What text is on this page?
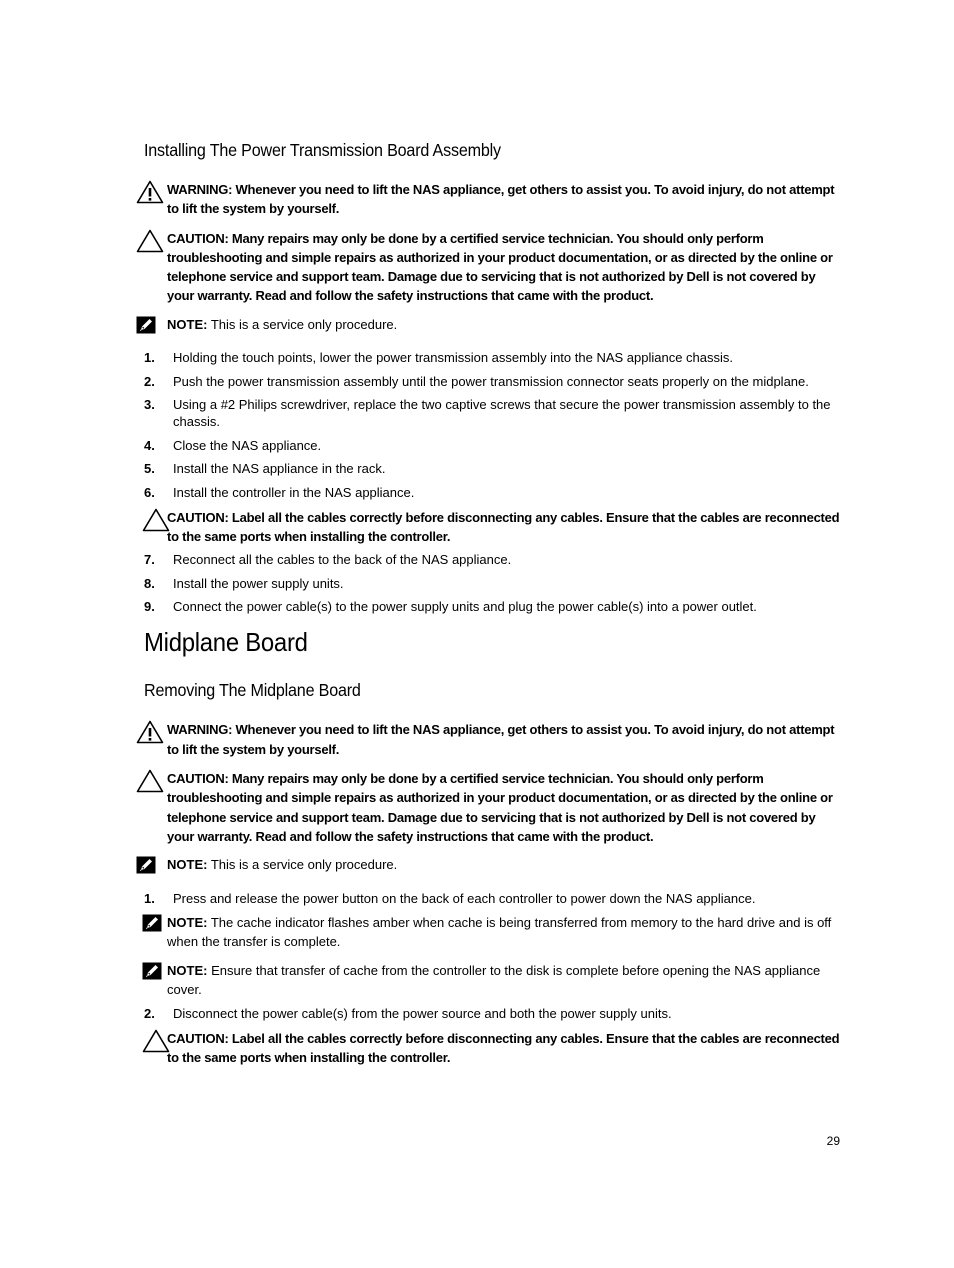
Installing The Power Transmission Board Assembly
WARNING: Whenever you need to lift the NAS appliance, get others to assist you. To avoid injury, do not attempt to lift the system by yourself.
CAUTION: Many repairs may only be done by a certified service technician. You should only perform troubleshooting and simple repairs as authorized in your product documentation, or as directed by the online or telephone service and support team. Damage due to servicing that is not authorized by Dell is not covered by your warranty. Read and follow the safety instructions that came with the product.
NOTE: This is a service only procedure.
1.	Holding the touch points, lower the power transmission assembly into the NAS appliance chassis.
2.	Push the power transmission assembly until the power transmission connector seats properly on the midplane.
3.	Using a #2 Philips screwdriver, replace the two captive screws that secure the power transmission assembly to the chassis.
4.	Close the NAS appliance.
5.	Install the NAS appliance in the rack.
6.	Install the controller in the NAS appliance.
CAUTION: Label all the cables correctly before disconnecting any cables. Ensure that the cables are reconnected to the same ports when installing the controller.
7.	Reconnect all the cables to the back of the NAS appliance.
8.	Install the power supply units.
9.	Connect the power cable(s) to the power supply units and plug the power cable(s) into a power outlet.
Midplane Board
Removing The Midplane Board
WARNING: Whenever you need to lift the NAS appliance, get others to assist you. To avoid injury, do not attempt to lift the system by yourself.
CAUTION: Many repairs may only be done by a certified service technician. You should only perform troubleshooting and simple repairs as authorized in your product documentation, or as directed by the online or telephone service and support team. Damage due to servicing that is not authorized by Dell is not covered by your warranty. Read and follow the safety instructions that came with the product.
NOTE: This is a service only procedure.
1.	Press and release the power button on the back of each controller to power down the NAS appliance.
NOTE: The cache indicator flashes amber when cache is being transferred from memory to the hard drive and is off when the transfer is complete.
NOTE: Ensure that transfer of cache from the controller to the disk is complete before opening the NAS appliance cover.
2.	Disconnect the power cable(s) from the power source and both the power supply units.
CAUTION: Label all the cables correctly before disconnecting any cables. Ensure that the cables are reconnected to the same ports when installing the controller.
29
